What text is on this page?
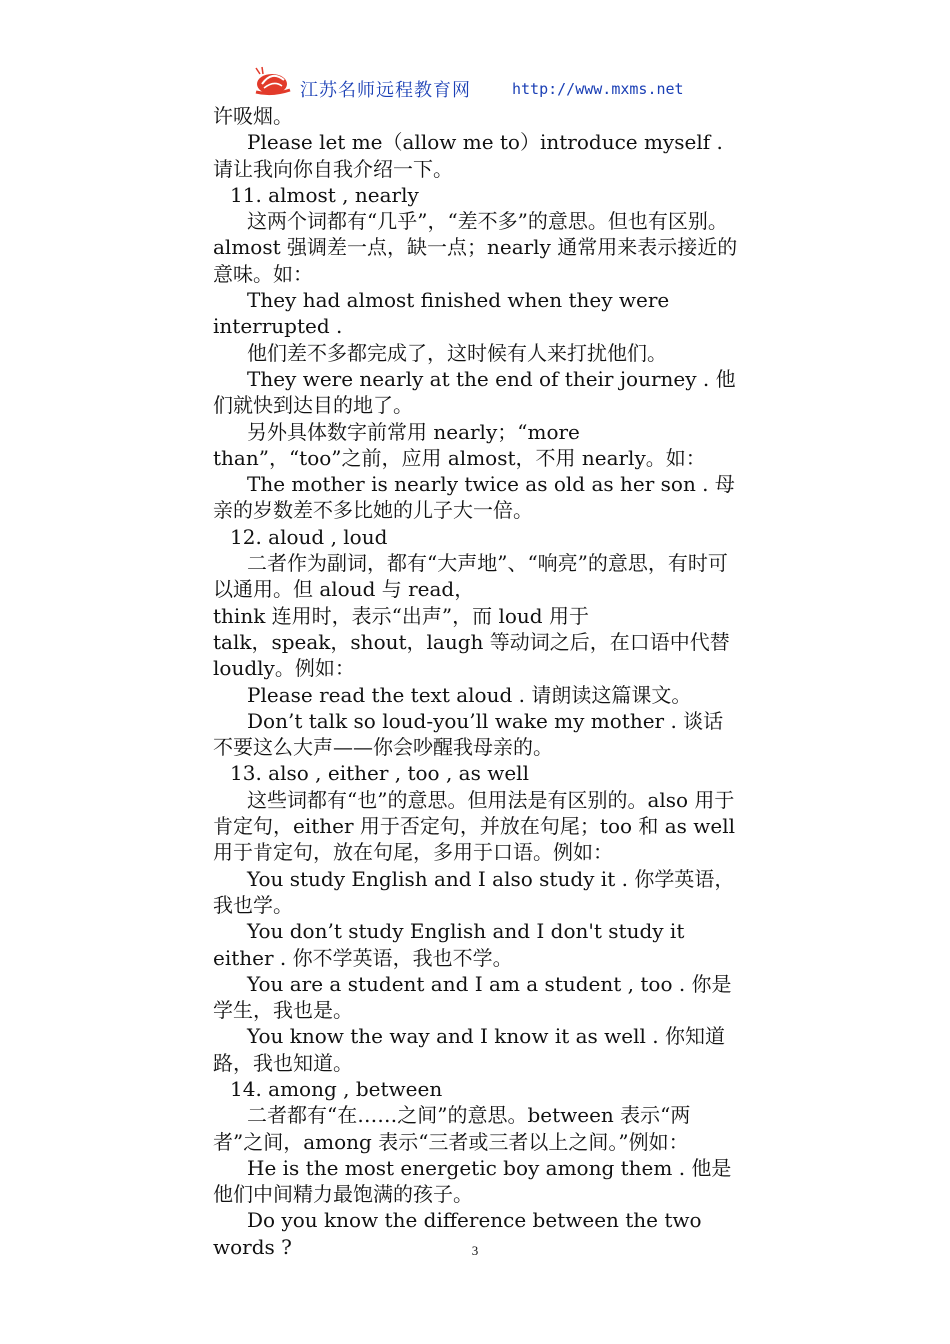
江苏名师远程教育网	http://www.mxms.net

许吸烟。

Please let me（allow me to）introduce myself . 请让我向你自我介绍一下。

11. almost , nearly

这两个词都有“几乎”，“差不多”的意思。但也有区别。almost 强调差一点，缺一点；nearly 通常用来表示接近的意味。如：

They had almost finished when they were interrupted .

他们差不多都完成了，这时候有人来打扰他们。

They were nearly at the end of their journey . 他们就快到达目的地了。

另外具体数字前常用 nearly；“more

than”，“too”之前，应用 almost，不用 nearly。如：

The mother is nearly twice as old as her son . 母亲的岁数差不多比她的儿子大一倍。

12. aloud , loud

二者作为副词，都有“大声地”、“响亮”的意思，有时可以通用。但 aloud 与 read，

think 连用时，表示“出声”，而 loud 用于

talk，speak，shout，laugh 等动词之后，在口语中代替 loudly。例如：

Please read the text aloud . 请朗读这篇课文。

Don’t talk so loud-you’ll wake my mother . 谈话不要这么大声——你会吵醒我母亲的。

13. also , either , too , as well

这些词都有“也”的意思。但用法是有区别的。also 用于肯定句，either 用于否定句，并放在句尾；too 和 as well 用于肯定句，放在句尾，多用于口语。例如：

You study English and I also study it . 你学英语，我也学。

You don’t study English and I don't study it either . 你不学英语，我也不学。

You are a student and I am a student , too . 你是学生，我也是。

You know the way and I know it as well . 你知道路，我也知道。

14. among , between

二者都有“在……之间”的意思。between 表示“两者”之间，among 表示“三者或三者以上之间。”例如：

He is the most energetic boy among them . 他是他们中间精力最饱满的孩子。

Do you know the difference between the two words ?	3
